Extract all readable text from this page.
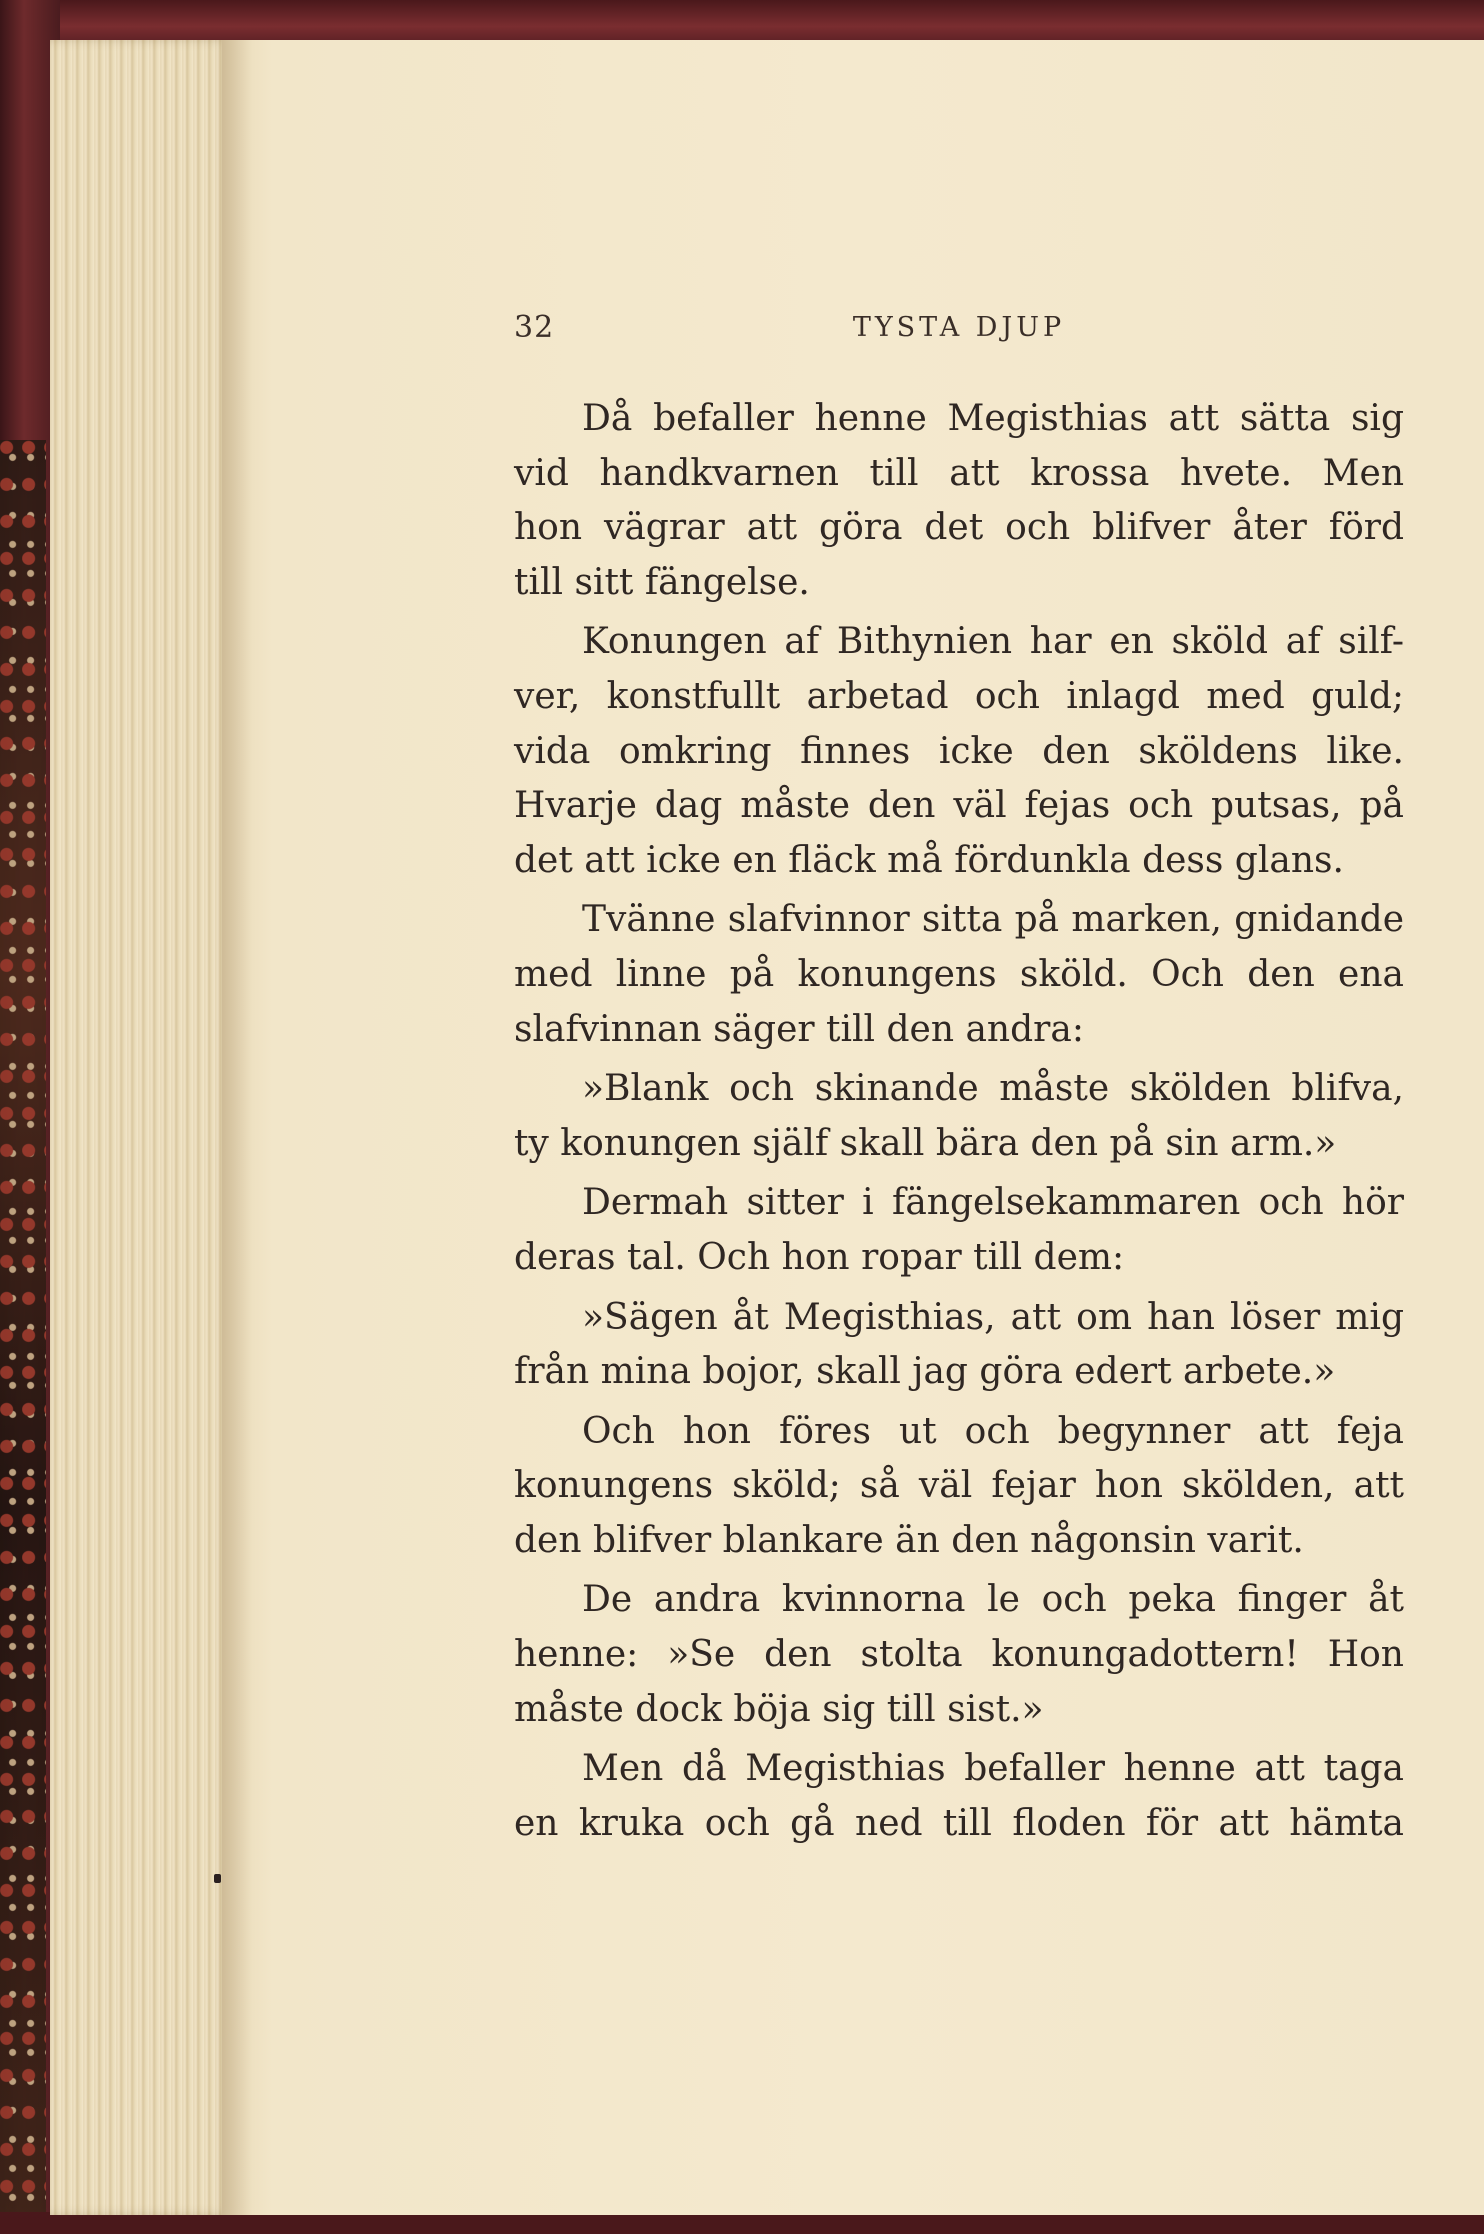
32	TYSTA DJUP
Då befaller henne Megisthias att sätta sig
vid handkvarnen till att krossa hvete. Men
hon vägrar att göra det och blifver åter förd
till sitt fängelse.
Konungen af Bithynien har en sköld af silf-
ver, konstfullt arbetad och inlagd med guld;
vida omkring finnes icke den sköldens like.
Hvarje dag måste den väl fejas och putsas, på
det att icke en fläck må fördunkla dess glans.
Tvänne slafvinnor sitta på marken, gnidande
med linne på konungens sköld. Och den ena
slafvinnan säger till den andra:
»Blank och skinande måste skölden blifva,
ty konungen själf skall bära den på sin arm.»
Dermah sitter i fängelsekammaren och hör
deras tal. Och hon ropar till dem:
»Sägen åt Megisthias, att om han löser mig
från mina bojor, skall jag göra edert arbete.»
Och hon föres ut och begynner att feja
konungens sköld; så väl fejar hon skölden, att
den blifver blankare än den någonsin varit.
De andra kvinnorna le och peka finger åt
henne: »Se den stolta konungadottern! Hon
måste dock böja sig till sist.»
Men då Megisthias befaller henne att taga
en kruka och gå ned till floden för att hämta
